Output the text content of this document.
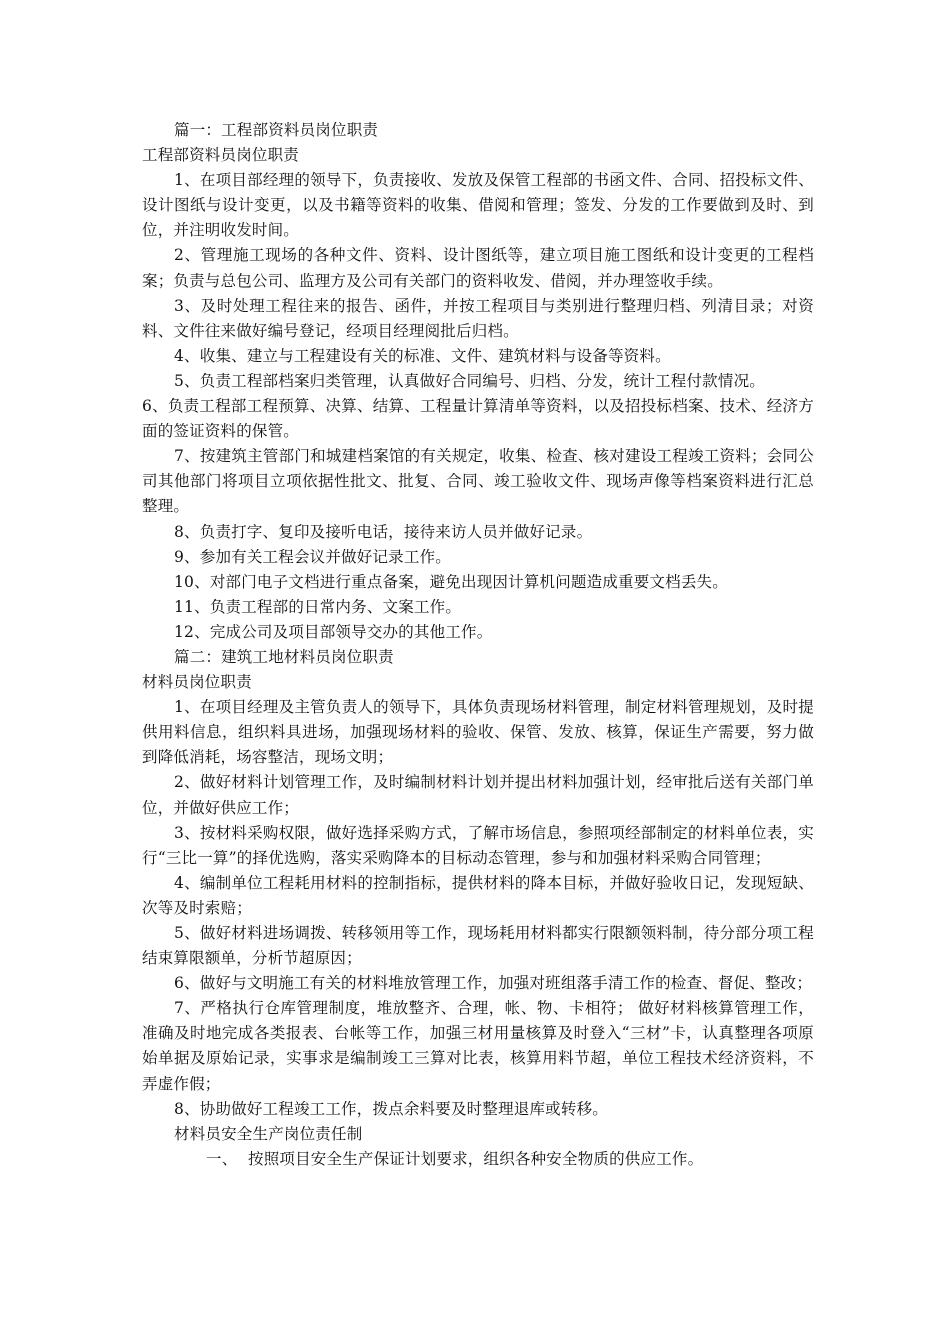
篇一：工程部资料员岗位职责

工程部资料员岗位职责

1、在项目部经理的领导下，负责接收、发放及保管工程部的书函文件、合同、招投标文件、设计图纸与设计变更，以及书籍等资料的收集、借阅和管理；签发、分发的工作要做到及时、到位，并注明收发时间。

2、管理施工现场的各种文件、资料、设计图纸等，建立项目施工图纸和设计变更的工程档案；负责与总包公司、监理方及公司有关部门的资料收发、借阅，并办理签收手续。

3、及时处理工程往来的报告、函件，并按工程项目与类别进行整理归档、列清目录；对资料、文件往来做好编号登记，经项目经理阅批后归档。

4、收集、建立与工程建设有关的标准、文件、建筑材料与设备等资料。

5、负责工程部档案归类管理，认真做好合同编号、归档、分发，统计工程付款情况。

6、负责工程部工程预算、决算、结算、工程量计算清单等资料，以及招投标档案、技术、经济方面的签证资料的保管。

7、按建筑主管部门和城建档案馆的有关规定，收集、检查、核对建设工程竣工资料；会同公司其他部门将项目立项依据性批文、批复、合同、竣工验收文件、现场声像等档案资料进行汇总整理。

8、负责打字、复印及接听电话，接待来访人员并做好记录。

9、参加有关工程会议并做好记录工作。

10、对部门电子文档进行重点备案，避免出现因计算机问题造成重要文档丢失。

11、负责工程部的日常内务、文案工作。

12、完成公司及项目部领导交办的其他工作。

篇二：建筑工地材料员岗位职责

材料员岗位职责

1、在项目经理及主管负责人的领导下，具体负责现场材料管理，制定材料管理规划，及时提供用料信息，组织料具进场，加强现场材料的验收、保管、发放、核算，保证生产需要，努力做到降低消耗，场容整洁，现场文明；

2、做好材料计划管理工作，及时编制材料计划并提出材料加强计划，经审批后送有关部门单位，并做好供应工作；

3、按材料采购权限，做好选择采购方式，了解市场信息，参照项经部制定的材料单位表，实行“三比一算”的择优选购，落实采购降本的目标动态管理，参与和加强材料采购合同管理；

4、编制单位工程耗用材料的控制指标，提供材料的降本目标，并做好验收日记，发现短缺、次等及时索赔；

5、做好材料进场调拨、转移领用等工作，现场耗用材料都实行限额领料制，待分部分项工程结束算限额单，分析节超原因；

6、做好与文明施工有关的材料堆放管理工作，加强对班组落手清工作的检查、督促、整改；

7、严格执行仓库管理制度，堆放整齐、合理，帐、物、卡相符； 做好材料核算管理工作，准确及时地完成各类报表、台帐等工作，加强三材用量核算及时登入“三材”卡，认真整理各项原始单据及原始记录，实事求是编制竣工三算对比表，核算用料节超，单位工程技术经济资料，不弄虚作假；

8、协助做好工程竣工工作，拨点余料要及时整理退库或转移。

材料员安全生产岗位责任制

一、 按照项目安全生产保证计划要求，组织各种安全物质的供应工作。
